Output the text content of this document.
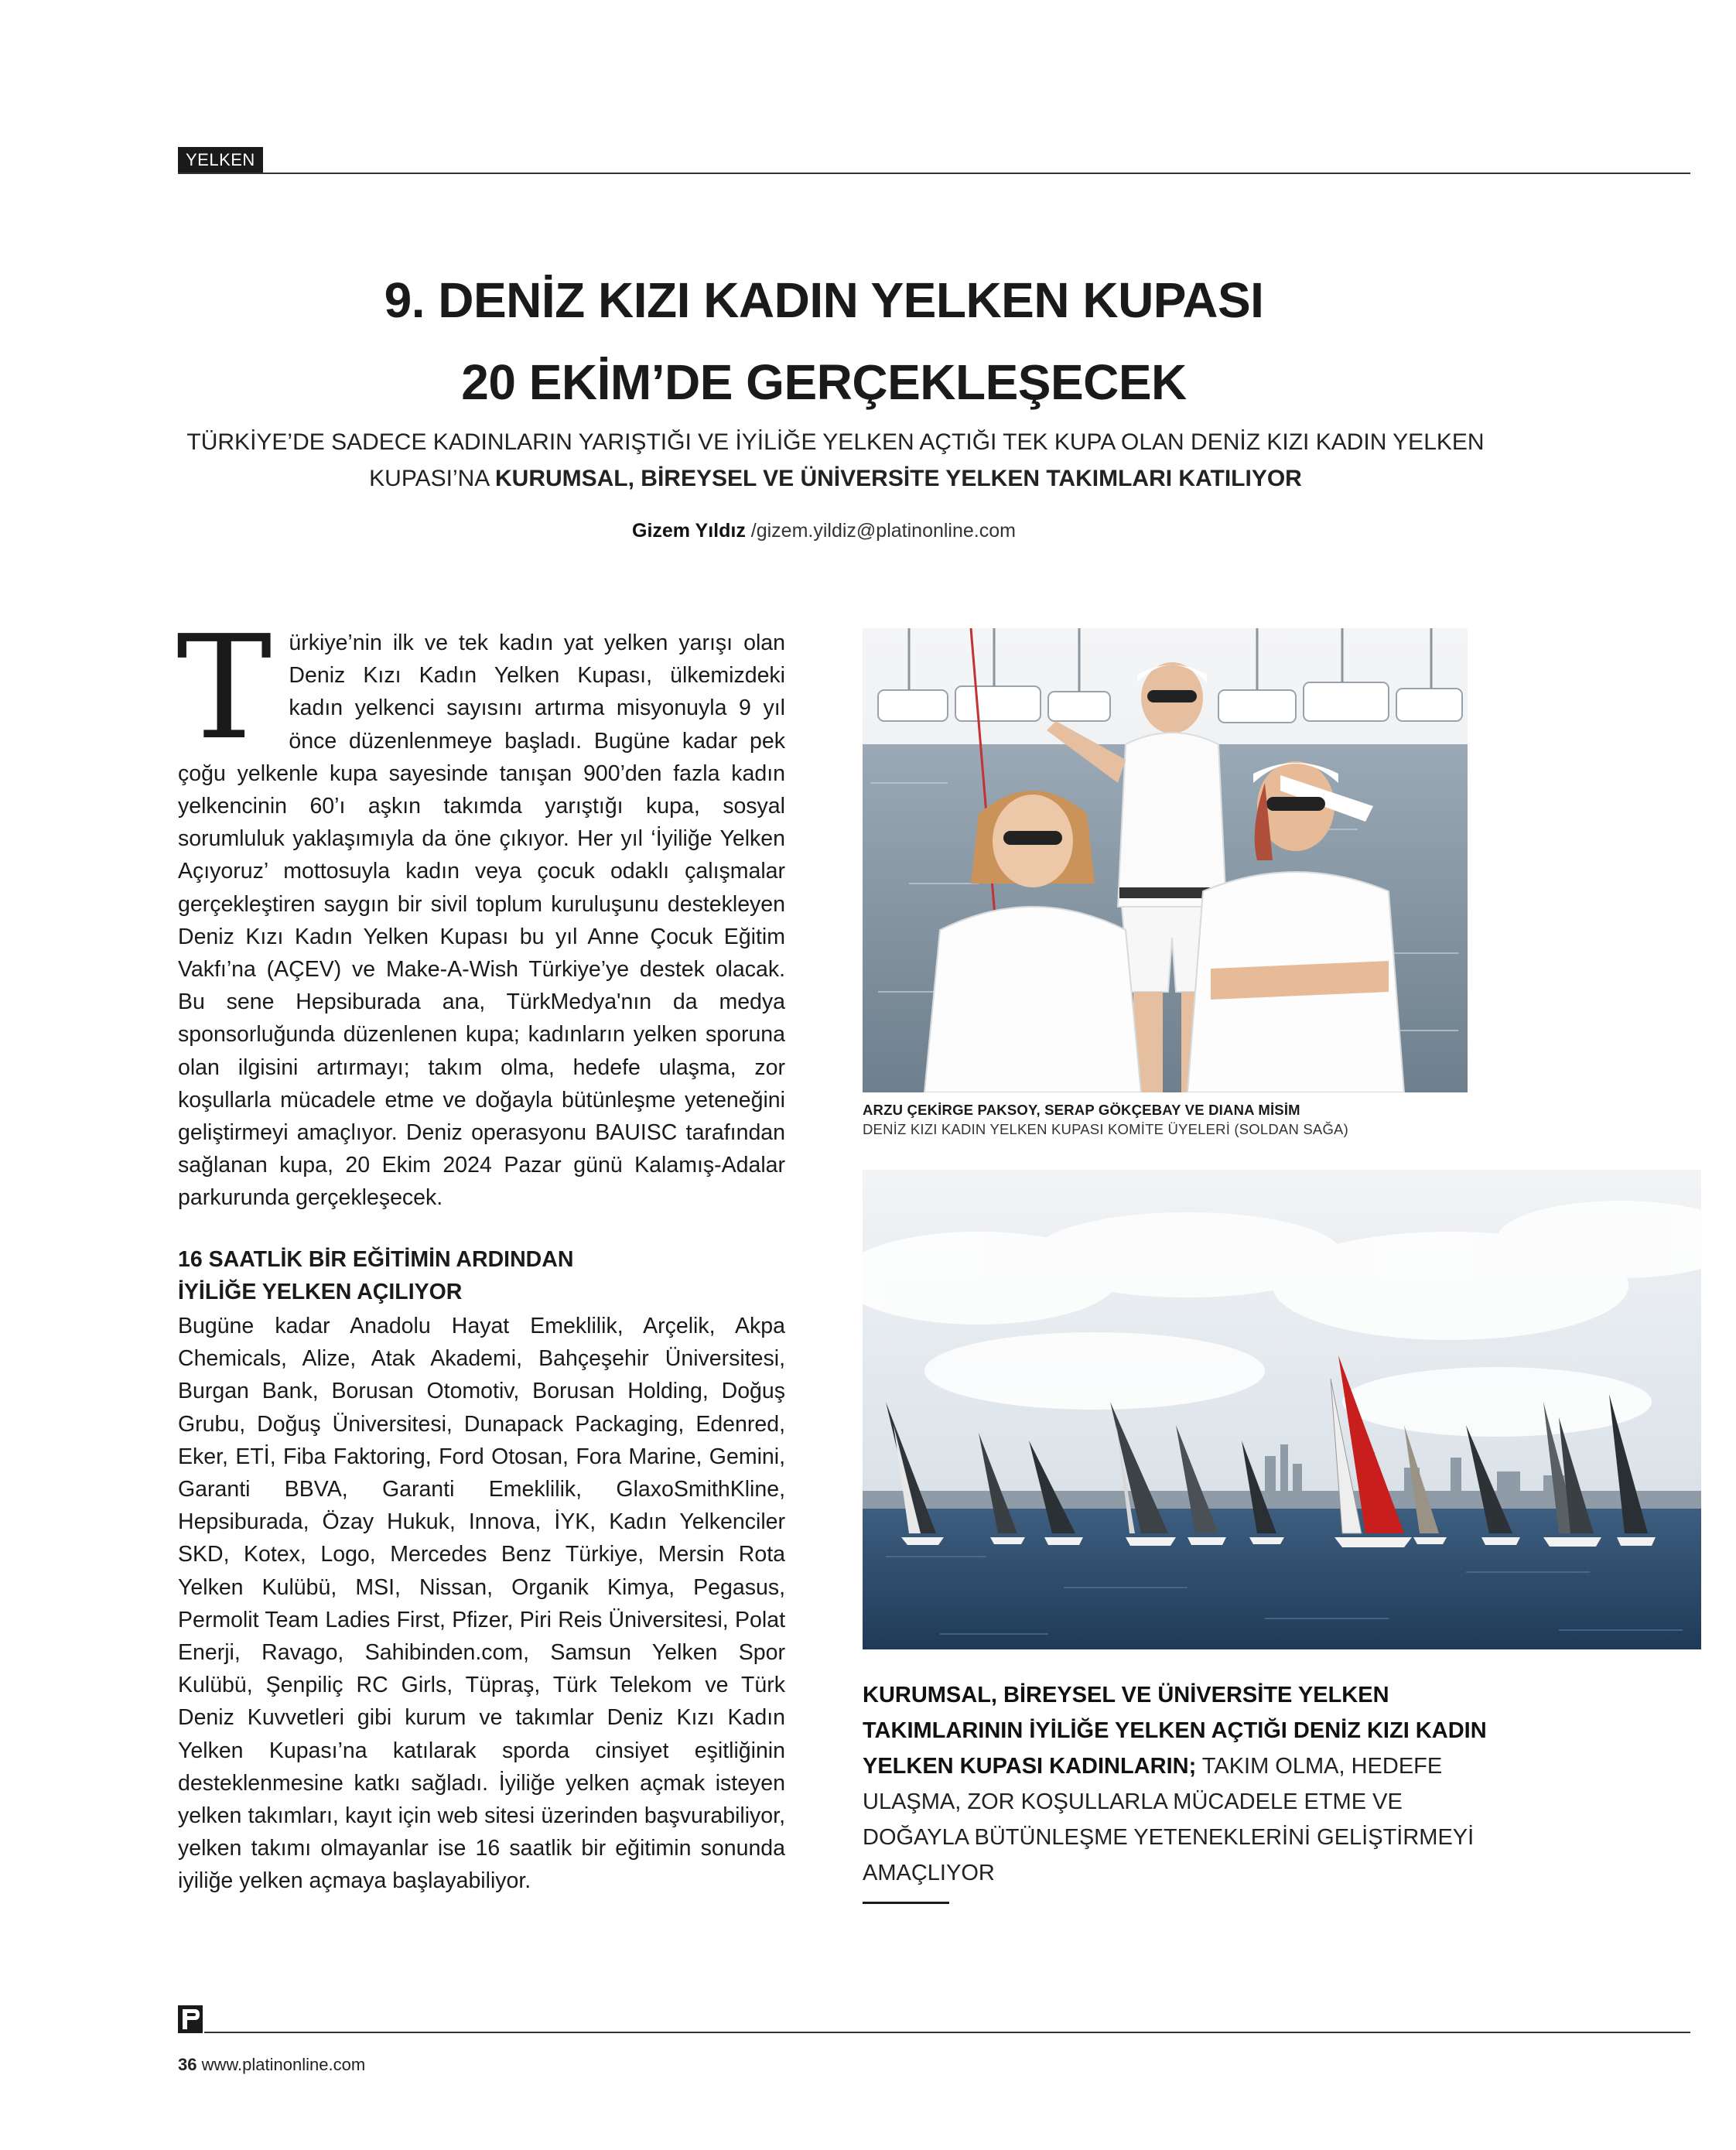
YELKEN
9. DENİZ KIZI KADIN YELKEN KUPASI
20 EKİM’DE GERÇEKLEŞECEK
TÜRKİYE’DE SADECE KADINLARIN YARIŞTIĞI VE İYİLİĞE YELKEN AÇTIĞI TEK KUPA OLAN DENİZ KIZI KADIN YELKEN
KUPASI’NA KURUMSAL, BİREYSEL VE ÜNİVERSİTE YELKEN TAKIMLARI KATILIYOR
Gizem Yıldız /gizem.yildiz@platinonline.com

Türkiye’nin ilk ve tek kadın yat yelken yarışı olan Deniz Kızı Kadın Yelken Kupası, ülkemizdeki kadın yelkenci sayısını artırma misyonuyla 9 yıl önce düzenlenmeye başladı. Bugüne kadar pek çoğu yelkenle kupa sayesinde tanışan 900’den fazla kadın yelkencinin 60’ı aşkın takımda yarıştığı kupa, sosyal sorumluluk yaklaşımıyla da öne çıkıyor. Her yıl ‘İyiliğe Yelken Açıyoruz’ mottosuyla kadın veya çocuk odaklı çalışmalar gerçekleştiren saygın bir sivil toplum kuruluşunu destekleyen Deniz Kızı Kadın Yelken Kupası bu yıl Anne Çocuk Eğitim Vakfı’na (AÇEV) ve Make-A-Wish Türkiye’ye destek olacak. Bu sene Hepsiburada ana, TürkMedya'nın da medya sponsorluğunda düzenlenen kupa; kadınların yelken sporuna olan ilgisini artırmayı; takım olma, hedefe ulaşma, zor koşullarla mücadele etme ve doğayla bütünleşme yeteneğini geliştirmeyi amaçlıyor. Deniz operasyonu BAUISC tarafından sağlanan kupa, 20 Ekim 2024 Pazar günü Kalamış-Adalar parkurunda gerçekleşecek.

16 SAATLİK BİR EĞİTİMİN ARDINDAN
İYİLİĞE YELKEN AÇILIYOR

Bugüne kadar Anadolu Hayat Emeklilik, Arçelik, Akpa Chemicals, Alize, Atak Akademi, Bahçeşehir Üniversitesi, Burgan Bank, Borusan Otomotiv, Borusan Holding, Doğuş Grubu, Doğuş Üniversitesi, Dunapack Packaging, Edenred, Eker, ETİ, Fiba Faktoring, Ford Otosan, Fora Marine, Gemini, Garanti BBVA, Garanti Emeklilik, GlaxoSmithKline, Hepsiburada, Özay Hukuk, Innova, İYK, Kadın Yelkenciler SKD, Kotex, Logo, Mercedes Benz Türkiye, Mersin Rota Yelken Kulübü, MSI, Nissan, Organik Kimya, Pegasus, Permolit Team Ladies First, Pfizer, Piri Reis Üniversitesi, Polat Enerji, Ravago, Sahibinden.com, Samsun Yelken Spor Kulübü, Şenpiliç RC Girls, Tüpraş, Türk Telekom ve Türk Deniz Kuvvetleri gibi kurum ve takımlar Deniz Kızı Kadın Yelken Kupası’na katılarak sporda cinsiyet eşitliğinin desteklenmesine katkı sağladı. İyiliğe yelken açmak isteyen yelken takımları, kayıt için web sitesi üzerinden başvurabiliyor, yelken takımı olmayanlar ise 16 saatlik bir eğitimin sonunda iyiliğe yelken açmaya başlayabiliyor.

ARZU ÇEKİRGE PAKSOY, SERAP GÖKÇEBAY VE DIANA MİSİM
DENİZ KIZI KADIN YELKEN KUPASI KOMİTE ÜYELERİ (SOLDAN SAĞA)
KURUMSAL, BİREYSEL VE ÜNİVERSİTE YELKEN TAKIMLARININ İYİLİĞE YELKEN AÇTIĞI DENİZ KIZI KADIN YELKEN KUPASI KADINLARIN; TAKIM OLMA, HEDEFE ULAŞMA, ZOR KOŞULLARLA MÜCADELE ETME VE DOĞAYLA BÜTÜNLEŞME YETENEKLERİNİ GELİŞTİRMEYİ AMAÇLIYOR
36 www.platinonline.com
